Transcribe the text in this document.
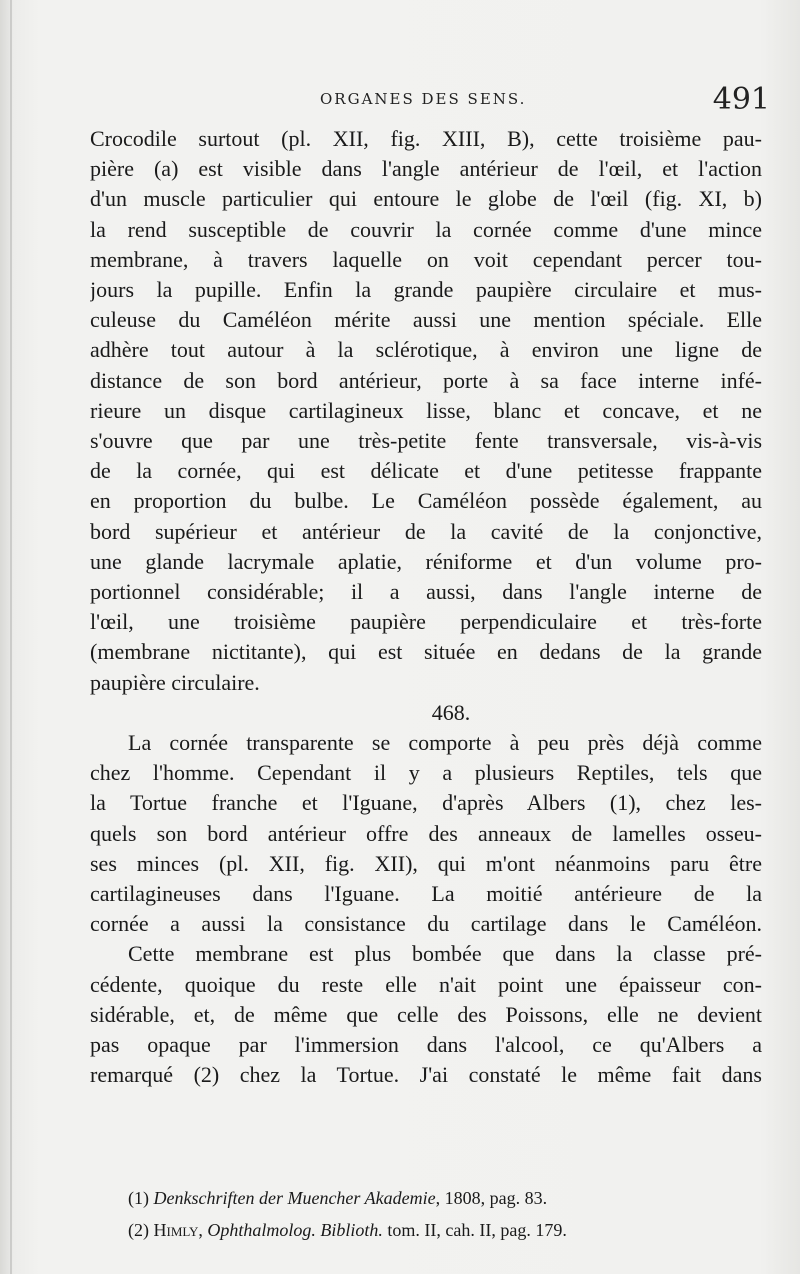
ORGANES DES SENS.	491
Crocodile surtout (pl. XII, fig. XIII, B), cette troisième pau-
pière (a) est visible dans l'angle antérieur de l'œil, et l'action
d'un muscle particulier qui entoure le globe de l'œil (fig. XI, b)
la rend susceptible de couvrir la cornée comme d'une mince
membrane, à travers laquelle on voit cependant percer tou-
jours la pupille. Enfin la grande paupière circulaire et mus-
culeuse du Caméléon mérite aussi une mention spéciale. Elle
adhère tout autour à la sclérotique, à environ une ligne de
distance de son bord antérieur, porte à sa face interne infé-
rieure un disque cartilagineux lisse, blanc et concave, et ne
s'ouvre que par une très-petite fente transversale, vis-à-vis
de la cornée, qui est délicate et d'une petitesse frappante
en proportion du bulbe. Le Caméléon possède également, au
bord supérieur et antérieur de la cavité de la conjonctive,
une glande lacrymale aplatie, réniforme et d'un volume pro-
portionnel considérable; il a aussi, dans l'angle interne de
l'œil, une troisième paupière perpendiculaire et très-forte
(membrane nictitante), qui est située en dedans de la grande
paupière circulaire.
468.
La cornée transparente se comporte à peu près déjà comme
chez l'homme. Cependant il y a plusieurs Reptiles, tels que
la Tortue franche et l'Iguane, d'après Albers (1), chez les-
quels son bord antérieur offre des anneaux de lamelles osseu-
ses minces (pl. XII, fig. XII), qui m'ont néanmoins paru être
cartilagineuses dans l'Iguane. La moitié antérieure de la
cornée a aussi la consistance du cartilage dans le Caméléon.
Cette membrane est plus bombée que dans la classe pré-
cédente, quoique du reste elle n'ait point une épaisseur con-
sidérable, et, de même que celle des Poissons, elle ne devient
pas opaque par l'immersion dans l'alcool, ce qu'Albers a
remarqué (2) chez la Tortue. J'ai constaté le même fait dans
(1) Denkschriften der Muencher Akademie, 1808, pag. 83.
(2) Himly, Ophthalmolog. Biblioth. tom. II, cah. II, pag. 179.
